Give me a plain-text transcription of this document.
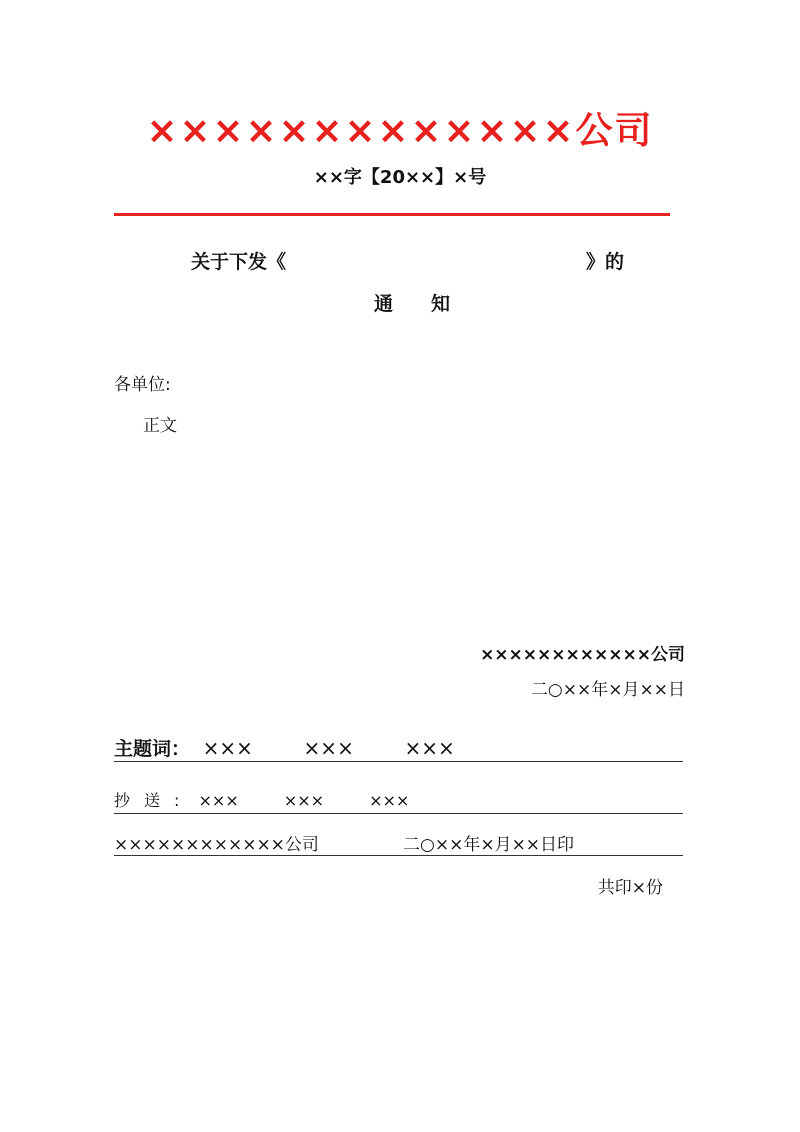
×××××××××××××公司
××字【20××】×号
关于下发《	》的
通知
各单位:
正文
××××××××××××公司
二○××年×月××日
主题词： ×××	×××	×××
抄送: ×××	×××	×××
××××××××××××公司	二○××年×月××日印
共印×份
